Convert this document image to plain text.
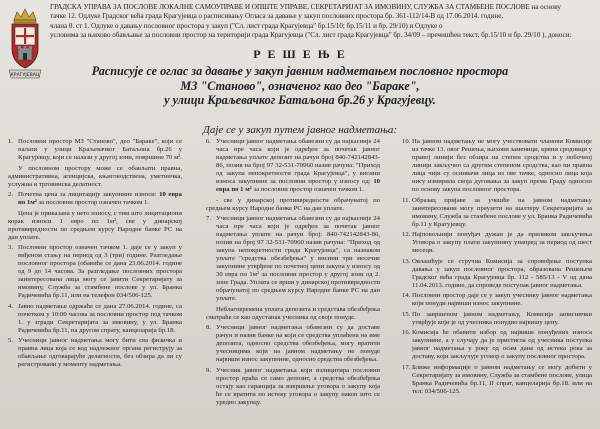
КРАГУЈЕВАЦ
ГРАДСКА УПРАВА ЗА ПОСЛОВЕ ЛОКАЛНЕ САМОУПРАВЕ И ОПШТЕ УПРАВЕ, СЕКРЕТАРИЈАТ ЗА ИМОВИНУ, СЛУЖБА ЗА СТАМБЕНЕ ПОСЛОВЕ на основу
тачке 12. Одлуке Градског већа града Крагујевца о расписивању Огласа за давање у закуп пословних простора бр. 361-112/14-В од 17.06.2014. године,
члана 8. ст 1. Одлуке о давању пословног простора у закуп ("Сл. лист града Крагујевца" бр.15/10; бр.15/11 и бр. 29/10) и Одлуке о
условима за њихово обављање за пословни простор на територији града Крагујевца ("Сл. лист града Крагујевца" бр. 34/09 – пречишћен текст, бр.15/10 и бр. 29/10 ), доноси:
Р Е Ш Е Њ Е
Расписује се оглас за давање у закуп јавним надметањем пословног простора
МЗ "Станово", означеног као део "Баракe",
у улици Краљевачког Батаљона бр.26 у Крагујевцу.
Даје се у закуп путем јавног надметања:
1. Пословни простор МЗ "Станово", део "Баракe", који се налази у улици Краљевачког Батаљона бр.26 у Крагујевцу, који се налази у другој зони, површине 70 м².
У пословном простору може се обављати правна, административна, агенцијска, књиговодствена, уметничка, услужна и трговинска делатност.
2. Почетна цена за лицитацију закупнине износи: 10 евра по 1м² за пословни простор означен тачком 1.
Цена је приказана у нето износу, с тим што лицитациони корак износи 1 евро по 1м², све у динарској противвредности по средњем курсу Народне банке РС на дан уплате.
3. Пословни простор означен тачком 1. даје се у закуп у виђеном стању на период од 3 (три) године. Разгледање пословног простора (обавиће се дана 23.06.2014. године од 9 до 14 часова. За разгледање пословних простора заинтересована лица могу се јавити Секретаријату за имовину, Служба за стамбене послове у ул. Бранка Радичевића бр.11, или на телефон 034/506-125.
4. Јавно надметање одржаће се дана 27.06.2014. године, са почетком у 10:00 часова за пословни простор под тачком 1. у згради Секретаријата за имовину, у ул. Бранка Радичевића бр.11, на другом спрату, канцеларија бр.18.
5. Учесници јавног надметања могу бити сва физичка и правна лица која се код надлежног органа региструју за обављање одговарајуће делатности, без обзира да ли су регистровани у моменту надметања.
6. Учесници јавног надметања обавезни су да најкасније 24 часа пре часа који је одређен за почетак јавног надметања уплате депозит на рачун број 840-742142843-86, позив на број 97 32-531-70960 назив рачуна: "Приход од закупа непокретности града Крагујевца", у висини износа закупнине за пословни простор у износу од: 10 евра по 1 м² за пословни простор означен тачком 1.
- све у динарској противвредности обрачунатој по средњем курсу Народне банке РС на дан уплате.
7. Учесници јавног надметања обавезни су да најкасније 24 часа пре часа који је одређен за почетак јавног надметања уплате на рачун број: 840-742142843-86, позив на број 97 32-531-70960 назив рачуна: "Приход од закупа непокретности града Крагујевца", са назнаком уплате "средства обезбеђења" у висини три месечне закупнине утврђене по почетној цени закупа у износу од 30 евра по 1м² за пословни простор у другој зони од 2. зоне Града. Уплата се врши у динарској противвредности обрачунатој по средњем курсу Народне банке РС на дан уплате.
Неблаговремена уплата депозита и средстава обезбеђења сматраће се као одустанак учесника од своје понуде.
8. Учесници јавног надметања обавезни су да доставе рачун и назив банке на који се средства уплаћена на име депозита, односно средства обезбеђења, могу вратити учесницима који на јавном надметању не понуде највиши износ закупнине, односно средства обезбеђења.
9. Учесник јавног надметања који излицитира пословни простор враћа се само депозит, а средства обезбеђења остају као гаранција за извршење уговора о закупу која ће се вратити по истеку уговора о закупу након што се уредно закупцу.
10. На јавном надметању не могу учествовати чланови Комисије из тачке 13. овог Решења, њихови заменици, крвни сродници у правој линији без обзира на степен сродства и у побочној линији закључно са другим степеном сродства, као ни правна лица чији су оснивачи лица из ове тачке, односно лица која нису измирила своја дуговања за закуп према Граду односно по основу закупа пословног простора.
11. Образац пријаве за учешће на јавном надметању заинтересовани могу преузети на шалтеру Секретаријата за имовину, Служба за стамбене послове у ул. Бранка Радичевића бр.11 у Крагујевцу.
12. Најповољнији понуђач дужан је да приликом закључења Уговора о закупу плати закупнину унапред за период од шест месеци.
13. Овлашћује се стручна Комисија за спровођење поступка давања у закуп пословног простора, образована Решењем Градског већа града Крагујевца бр. 112 - 585/13 - V од дана 11.04.2013. године, да спроведе поступак јавног надметања.
14. Пословни простор даје се у закуп учеснику јавног надметања који понуди највиши износ закупнине.
15. По завршеном јавном надметању, Комисија записнички утврђује који је од учесника понудио највишу цену.
16. Комисија ће обавити избор од највише понуђених износа закупнине, а у случају да је пристигла од учесника поступка јавног надметања у року од осам дана од истека рока за доставу, који закључује уговор о закупу пословног простора.
17. Ближе информације о јавном надметању се могу добити у Секретаријату за имовину, Служба за стамбене послове, улица Бранка Радичевића бр.11, II спрат, канцеларија бр.18. или на тел: 034/506-125.
